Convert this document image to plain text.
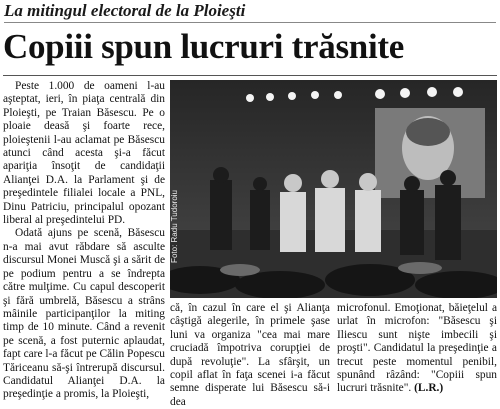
La mitingul electoral de la Ploieşti
Copiii spun lucruri trăsnite

Peste 1.000 de oameni l-au aşteptat, ieri, în piaţa centrală din Ploieşti, pe Traian Băsescu. Pe o ploaie deasă şi foarte rece, ploieştenii l-au aclamat pe Băsescu atunci când acesta şi-a făcut apariţia însoţit de candidaţii Alianţei D.A. la Parlament şi de preşedintele filialei locale a PNL, Dinu Patriciu, principalul opozant liberal al preşedintelui PD.

Odată ajuns pe scenă, Băsescu n-a mai avut răbdare să asculte discursul Monei Muscă şi a sărit de pe podium pentru a se îndrepta către mulţime. Cu capul descoperit şi fără umbrelă, Băsescu a strâns mâinile participanţilor la miting timp de 10 minute. Când a revenit pe scenă, a fost puternic aplaudat, fapt care l-a făcut pe Călin Popescu Tăriceanu să-şi întrerupă discursul. Candidatul Alianţei D.A. la preşedinţie a promis, la Ploieşti,

Foto: Radu Tudoroiu

că, în cazul în care el şi Alianţa câştigă alegerile, în primele şase luni va organiza "cea mai mare cruciadă împotriva corupţiei de după revoluţie". La sfârşit, un copil aflat în faţa scenei i-a făcut semne disperate lui Băsescu să-i dea

microfonul. Emoţionat, băieţelul a urlat în microfon: "Băsescu şi Iliescu sunt nişte imbecili şi proşti". Candidatul la preşedinţie a trecut peste momentul penibil, spunând râzând: "Copiii spun lucruri trăsnite". (L.R.)
